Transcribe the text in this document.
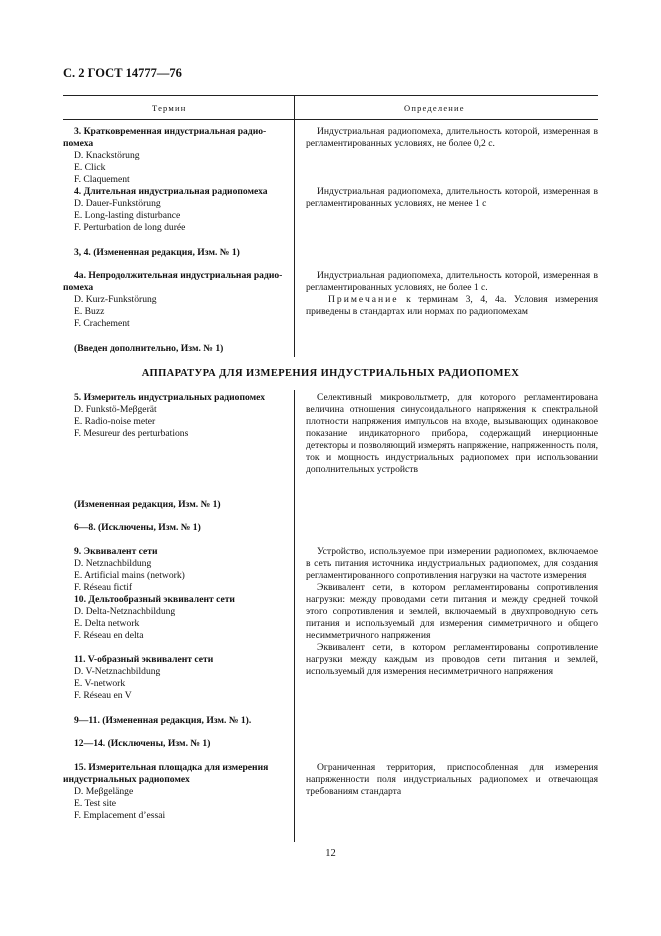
С. 2 ГОСТ 14777—76
Термин	Определение
3. Кратковременная индустриальная радио-
помеха
D. Knackstörung
E. Click
F. Claquement

Индустриальная радиопомеха, длительность которой, измеренная в регламентированных условиях, не более 0,2 с.

4. Длительная индустриальная радиопомеха
D. Dauer-Funkstörung
E. Long-lasting disturbance
F. Perturbation de long durée

Индустриальная радиопомеха, длительность которой, измеренная в регламентированных условиях, не менее 1 с

3, 4. (Измененная редакция, Изм. № 1)
4а. Непродолжительная индустриальная радио-
помеха
D. Kurz-Funkstörung
E. Buzz
F. Crachement

Индустриальная радиопомеха, длительность которой, измеренная в регламентированных условиях, не более 1 с.

Примечание к терминам 3, 4, 4а. Условия измерения приведены в стандартах или нормах по радиопомехам

(Введен дополнительно, Изм. № 1)
АППАРАТУРА ДЛЯ ИЗМЕРЕНИЯ ИНДУСТРИАЛЬНЫХ РАДИОПОМЕХ
5. Измеритель индустриальных радиопомех
D. Funkstö-Meβgerät
E. Radio-noise meter
F. Mesureur des perturbations

Селективный микровольтметр, для которого регламентирована величина отношения синусоидального напряжения к спектральной плотности напряжения импульсов на входе, вызывающих одинаковое показание индикаторного прибора, содержащий инерционные детекторы и позволяющий измерять напряжение, напряженность поля, ток и мощность индустриальных радиопомех при использовании дополнительных устройств

(Измененная редакция, Изм. № 1)
6—8. (Исключены, Изм. № 1)
9. Эквивалент сети
D. Netznachbildung
E. Artificial mains (network)
F. Réseau fictif
10. Дельтообразный эквивалент сети
D. Delta-Netznachbildung
E. Delta network
F. Réseau en delta
11. V-образный эквивалент сети
D. V-Netznachbildung
E. V-network
F. Réseau en V

Устройство, используемое при измерении радиопомех, включаемое в сеть питания источника индустриальных радиопомех, для создания регламентированного сопротивления нагрузки на частоте измерения

Эквивалент сети, в котором регламентированы сопротивления нагрузки: между проводами сети питания и между средней точкой этого сопротивления и землей, включаемый в двухпроводную сеть питания и используемый для измерения симметричного и общего несимметричного напряжения

Эквивалент сети, в котором регламентированы сопротивление нагрузки между каждым из проводов сети питания и землей, используемый для измерения несимметричного напряжения

9—11. (Измененная редакция, Изм. № 1).
12—14. (Исключены, Изм. № 1)
15. Измерительная площадка для измерения
индустриальных радиопомех
D. Meβgelänge
E. Test site
F. Emplacement d’essai

Ограниченная территория, приспособленная для измерения напряженности поля индустриальных радиопомех и отвечающая требованиям стандарта

12
